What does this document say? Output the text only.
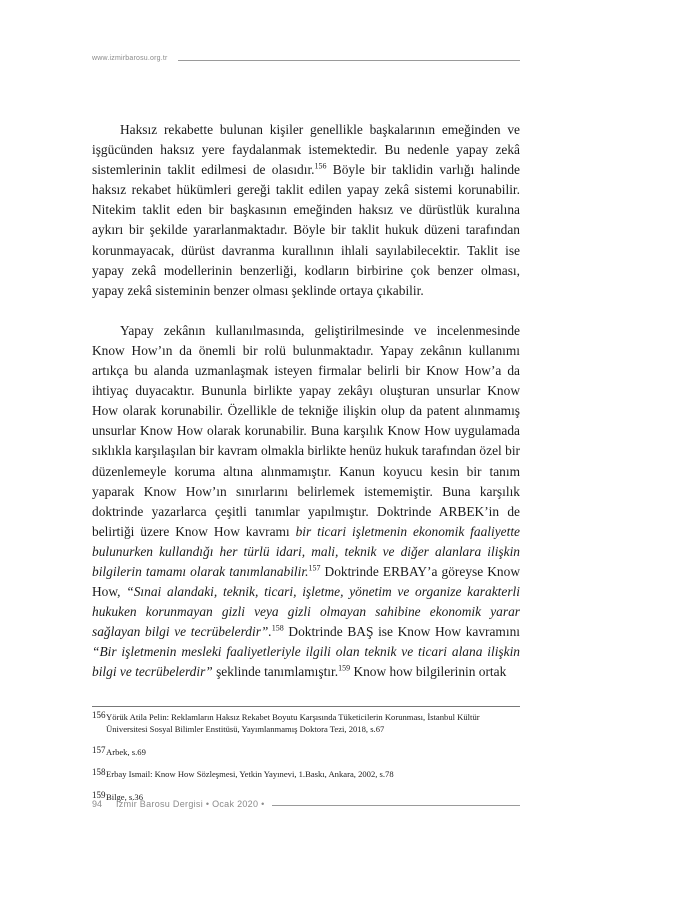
www.izmirbarosu.org.tr

Haksız rekabette bulunan kişiler genellikle başkalarının emeğinden ve işgücünden haksız yere faydalanmak istemektedir. Bu nedenle yapay zekâ sistemlerinin taklit edilmesi de olasıdır.$^{156}$ Böyle bir taklidin varlığı halinde haksız rekabet hükümleri gereği taklit edilen yapay zekâ sistemi korunabilir. Nitekim taklit eden bir başkasının emeğinden haksız ve dürüstlük kuralına aykırı bir şekilde yararlanmaktadır. Böyle bir taklit hukuk düzeni tarafından korunmayacak, dürüst davranma kurallının ihlali sayılabilecektir. Taklit ise yapay zekâ modellerinin benzerliği, kodların birbirine çok benzer olması, yapay zekâ sisteminin benzer olması şeklinde ortaya çıkabilir.

Yapay zekânın kullanılmasında, geliştirilmesinde ve incelenmesinde Know How’ın da önemli bir rolü bulunmaktadır. Yapay zekânın kullanımı artıkça bu alanda uzmanlaşmak isteyen firmalar belirli bir Know How’a da ihtiyaç duyacaktır. Bununla birlikte yapay zekâyı oluşturan unsurlar Know How olarak korunabilir. Özellikle de tekniğe ilişkin olup da patent alınmamış unsurlar Know How olarak korunabilir. Buna karşılık Know How uygulamada sıklıkla karşılaşılan bir kavram olmakla birlikte henüz hukuk tarafından özel bir düzenlemeyle koruma altına alınmamıştır. Kanun koyucu kesin bir tanım yaparak Know How’ın sınırlarını belirlemek istememiştir. Buna karşılık doktrinde yazarlarca çeşitli tanımlar yapılmıştır. Doktrinde ARBEK’in de belirtiği üzere Know How kavramı bir ticari işletmenin ekonomik faaliyette bulunurken kullandığı her türlü idari, mali, teknik ve diğer alanlara ilişkin bilgilerin tamamı olarak tanımlanabilir.$^{157}$ Doktrinde ERBAY’a göreyse Know How, “Sınai alandaki, teknik, ticari, işletme, yönetim ve organize karakterli hukuken korunmayan gizli veya gizli olmayan sahibine ekonomik yarar sağlayan bilgi ve tecrübelerdir”.$^{158}$ Doktrinde BAŞ ise Know How kavramını “Bir işletmenin mesleki faaliyetleriyle ilgili olan teknik ve ticari alana ilişkin bilgi ve tecrübelerdir” şeklinde tanımlamıştır.$^{159}$ Know how bilgilerinin ortak

156 Yörük Atila Pelin: Reklamların Haksız Rekabet Boyutu Karşısında Tüketicilerin Korunması, İstanbul Kültür Üniversitesi Sosyal Bilimler Enstitüsü, Yayımlanmamış Doktora Tezi, 2018, s.67
157 Arbek, s.69
158 Erbay Ismail: Know How Sözleşmesi, Yetkin Yayınevi, 1.Baskı, Ankara, 2002, s.78
159 Bilge, s.36
94 İzmir Barosu Dergisi • Ocak 2020 •
